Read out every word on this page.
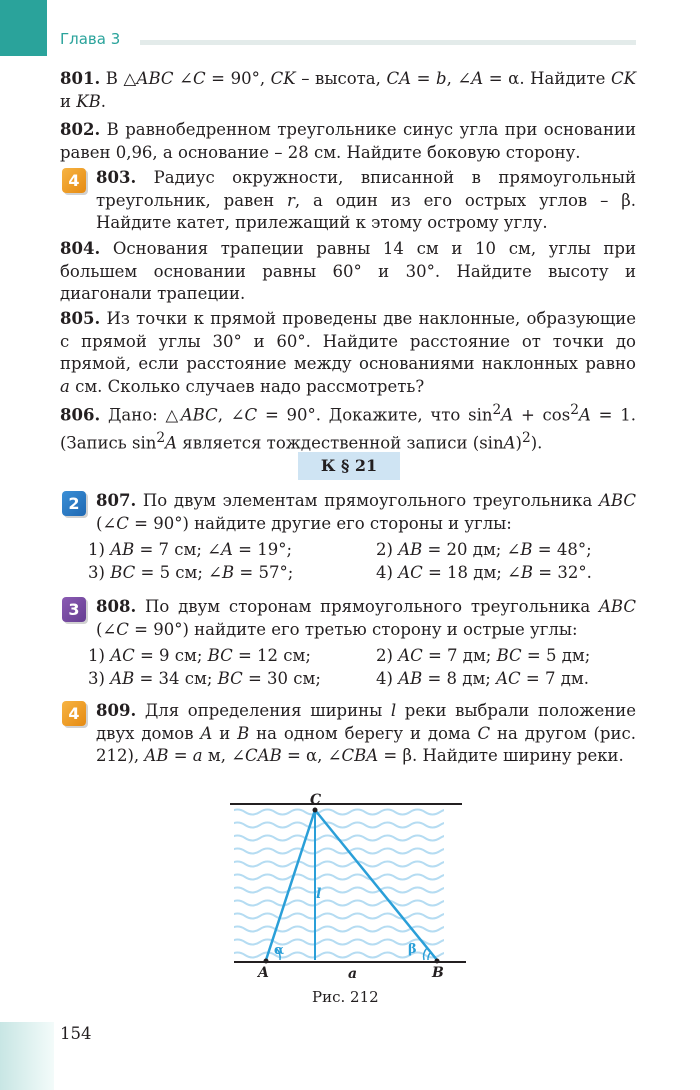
Глава 3

801. В △ABC ∠C = 90°, CK – высота, CA = b, ∠A = α. Найдите CK и KB.

802. В равнобедренном треугольнике синус угла при основании равен 0,96, а основание – 28 см. Найдите боковую сторону.

4 803. Радиус окружности, вписанной в прямоугольный треугольник, равен r, а один из его острых углов – β. Найдите катет, прилежащий к этому острому углу.

804. Основания трапеции равны 14 см и 10 см, углы при большем основании равны 60° и 30°. Найдите высоту и диагонали трапеции.

805. Из точки к прямой проведены две наклонные, образующие с прямой углы 30° и 60°. Найдите расстояние от точки до прямой, если расстояние между основаниями наклонных равно a см. Сколько случаев надо рассмотреть?

806. Дано: △ABC, ∠C = 90°. Докажите, что $\sin^2A + \cos^2A = 1$. (Запись $\sin^2A$ является тождественной записи $(\sin A)^2$).

К § 21
2 807. По двум элементам прямоугольного треугольника ABC (∠C = 90°) найдите другие его стороны и углы:

1) AB = 7 см; ∠A = 19°;	2) AB = 20 дм; ∠B = 48°;
3) BC = 5 см; ∠B = 57°;	4) AC = 18 дм; ∠B = 32°.
3 808. По двум сторонам прямоугольного треугольника ABC (∠C = 90°) найдите его третью сторону и острые углы:

1) AC = 9 см; BC = 12 см;	2) AC = 7 дм; BC = 5 дм;
3) AB = 34 см; BC = 30 см;	4) AB = 8 дм; AC = 7 дм.
4 809. Для определения ширины l реки выбрали положение двух домов A и B на одном берегу и дома C на другом (рис. 212), AB = a м, ∠CAB = α, ∠CBA = β. Найдите ширину реки.

C
A	B
a
l
α	β
Рис. 212
154
